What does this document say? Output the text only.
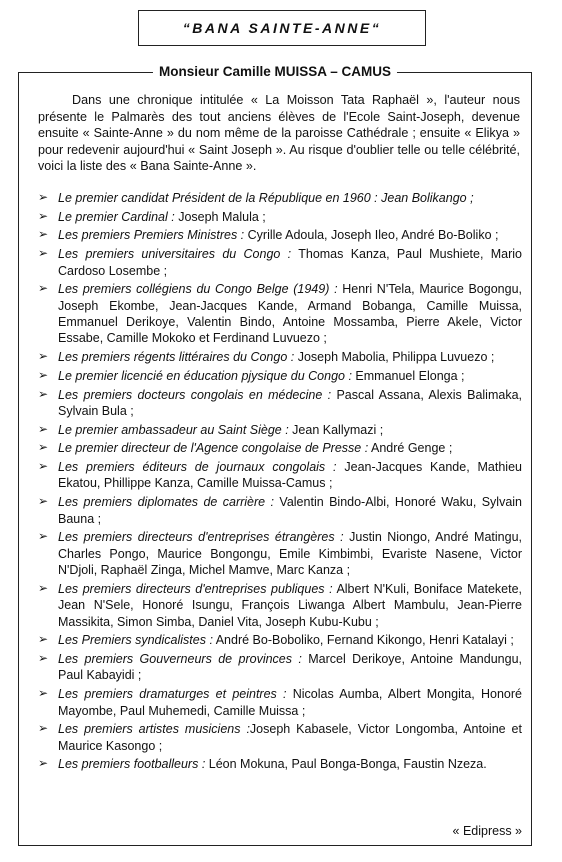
“BANA SAINTE-ANNE“
Monsieur Camille MUISSA – CAMUS

Dans une chronique intitulée « La Moisson Tata Raphaël », l'auteur nous présente le Palmarès des tout anciens élèves de l'Ecole Saint-Joseph, devenue ensuite « Sainte-Anne » du nom même de la paroisse Cathédrale ; ensuite « Elikya » pour redevenir aujourd'hui « Saint Joseph ». Au risque d'oublier telle ou telle célébrité, voici la liste des « Bana Sainte-Anne ».

➢ Le premier candidat Président de la République en 1960 : Jean Bolikango ;
➢ Le premier Cardinal : Joseph Malula ;
➢ Les premiers Premiers Ministres : Cyrille Adoula, Joseph Ileo, André Bo-Boliko ;
➢ Les premiers universitaires du Congo : Thomas Kanza, Paul Mushiete, Mario Cardoso Losembe ;
➢ Les premiers collégiens du Congo Belge (1949) : Henri N'Tela, Maurice Bogongu, Joseph Ekombe, Jean-Jacques Kande, Armand Bobanga, Camille Muissa, Emmanuel Derikoye, Valentin Bindo, Antoine Mossamba, Pierre Akele, Victor Essabe, Camille Mokoko et Ferdinand Luvuezo ;
➢ Les premiers régents littéraires du Congo : Joseph Mabolia, Philippa Luvuezo ;
➢ Le premier licencié en éducation pjysique du Congo : Emmanuel Elonga ;
➢ Les premiers docteurs congolais en médecine : Pascal Assana, Alexis Balimaka, Sylvain Bula ;
➢ Le premier ambassadeur au Saint Siège : Jean Kallymazi ;
➢ Le premier directeur de l'Agence congolaise de Presse : André Genge ;
➢ Les premiers éditeurs de journaux congolais : Jean-Jacques Kande, Mathieu Ekatou, Phillippe Kanza, Camille Muissa-Camus ;
➢ Les premiers diplomates de carrière : Valentin Bindo-Albi, Honoré Waku, Sylvain Bauna ;
➢ Les premiers directeurs d'entreprises étrangères : Justin Niongo, André Matingu, Charles Pongo, Maurice Bongongu, Emile Kimbimbi, Evariste Nasene, Victor N'Djoli, Raphaël Zinga, Michel Mamve, Marc Kanza ;
➢ Les premiers directeurs d'entreprises publiques : Albert N'Kuli, Boniface Matekete, Jean N'Sele, Honoré Isungu, François Liwanga Albert Mambulu, Jean-Pierre Massikita, Simon Simba, Daniel Vita, Joseph Kubu-Kubu ;
➢ Les Premiers syndicalistes : André Bo-Boboliko, Fernand Kikongo, Henri Katalayi ;
➢ Les premiers Gouverneurs de provinces : Marcel Derikoye, Antoine Mandungu, Paul Kabayidi ;
➢ Les premiers dramaturges et peintres : Nicolas Aumba, Albert Mongita, Honoré Mayombe, Paul Muhemedi, Camille Muissa ;
➢ Les premiers artistes musiciens :Joseph Kabasele, Victor Longomba, Antoine et Maurice Kasongo ;
➢ Les premiers footballeurs : Léon Mokuna, Paul Bonga-Bonga, Faustin Nzeza.
« Edipress »
